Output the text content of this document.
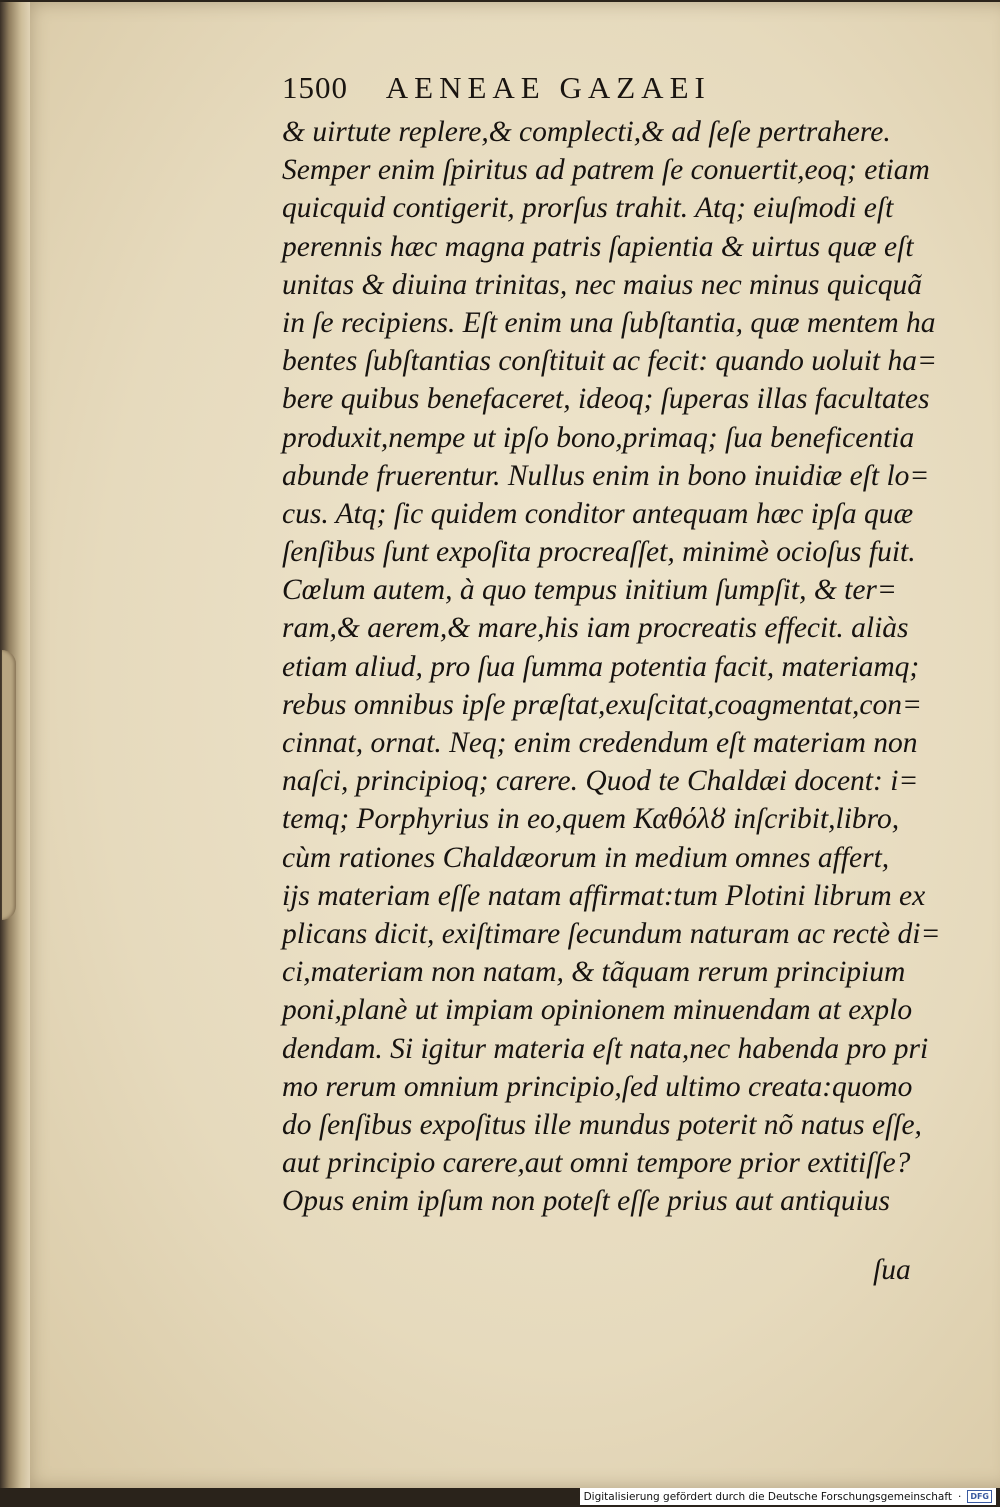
1500 AENEAE GAZAEI
& uirtute replere,& complecti,& ad ſeſe pertrahere.
Semper enim ſpiritus ad patrem ſe conuertit,eoq; etiam
quicquid contigerit, prorſus trahit. Atq; eiuſmodi eſt
perennis hæc magna patris ſapientia & uirtus quæ eſt
unitas & diuina trinitas, nec maius nec minus quicquã
in ſe recipiens. Eſt enim una ſubſtantia, quæ mentem ha
bentes ſubſtantias conſtituit ac fecit: quando uoluit ha=
bere quibus benefaceret, ideoq; ſuperas illas facultates
produxit,nempe ut ipſo bono,primaq; ſua beneficentia
abunde fruerentur. Nullus enim in bono inuidiæ eſt lo=
cus. Atq; ſic quidem conditor antequam hæc ipſa quæ
ſenſibus ſunt expoſita procreaſſet, minimè ocioſus fuit.
Cœlum autem, à quo tempus initium ſumpſit, & ter=
ram,& aerem,& mare,his iam procreatis effecit. aliàs
etiam aliud, pro ſua ſumma potentia facit, materiamq;
rebus omnibus ipſe præſtat,exuſcitat,coagmentat,con=
cinnat, ornat. Neq; enim credendum eſt materiam non
naſci, principioq; carere. Quod te Chaldæi docent: i=
temq; Porphyrius in eo,quem Καθόλȣ inſcribit,libro,
cùm rationes Chaldæorum in medium omnes affert,
ijs materiam eſſe natam affirmat:tum Plotini librum ex
plicans dicit, exiſtimare ſecundum naturam ac rectè di=
ci,materiam non natam, & tãquam rerum principium
poni,planè ut impiam opinionem minuendam at explo
dendam. Si igitur materia eſt nata,nec habenda pro pri
mo rerum omnium principio,ſed ultimo creata:quomo
do ſenſibus expoſitus ille mundus poterit nõ natus eſſe,
aut principio carere,aut omni tempore prior extitiſſe?
Opus enim ipſum non poteſt eſſe prius aut antiquius
ſua
Digitalisierung gefördert durch die Deutsche Forschungsgemeinschaft ·	DFG
